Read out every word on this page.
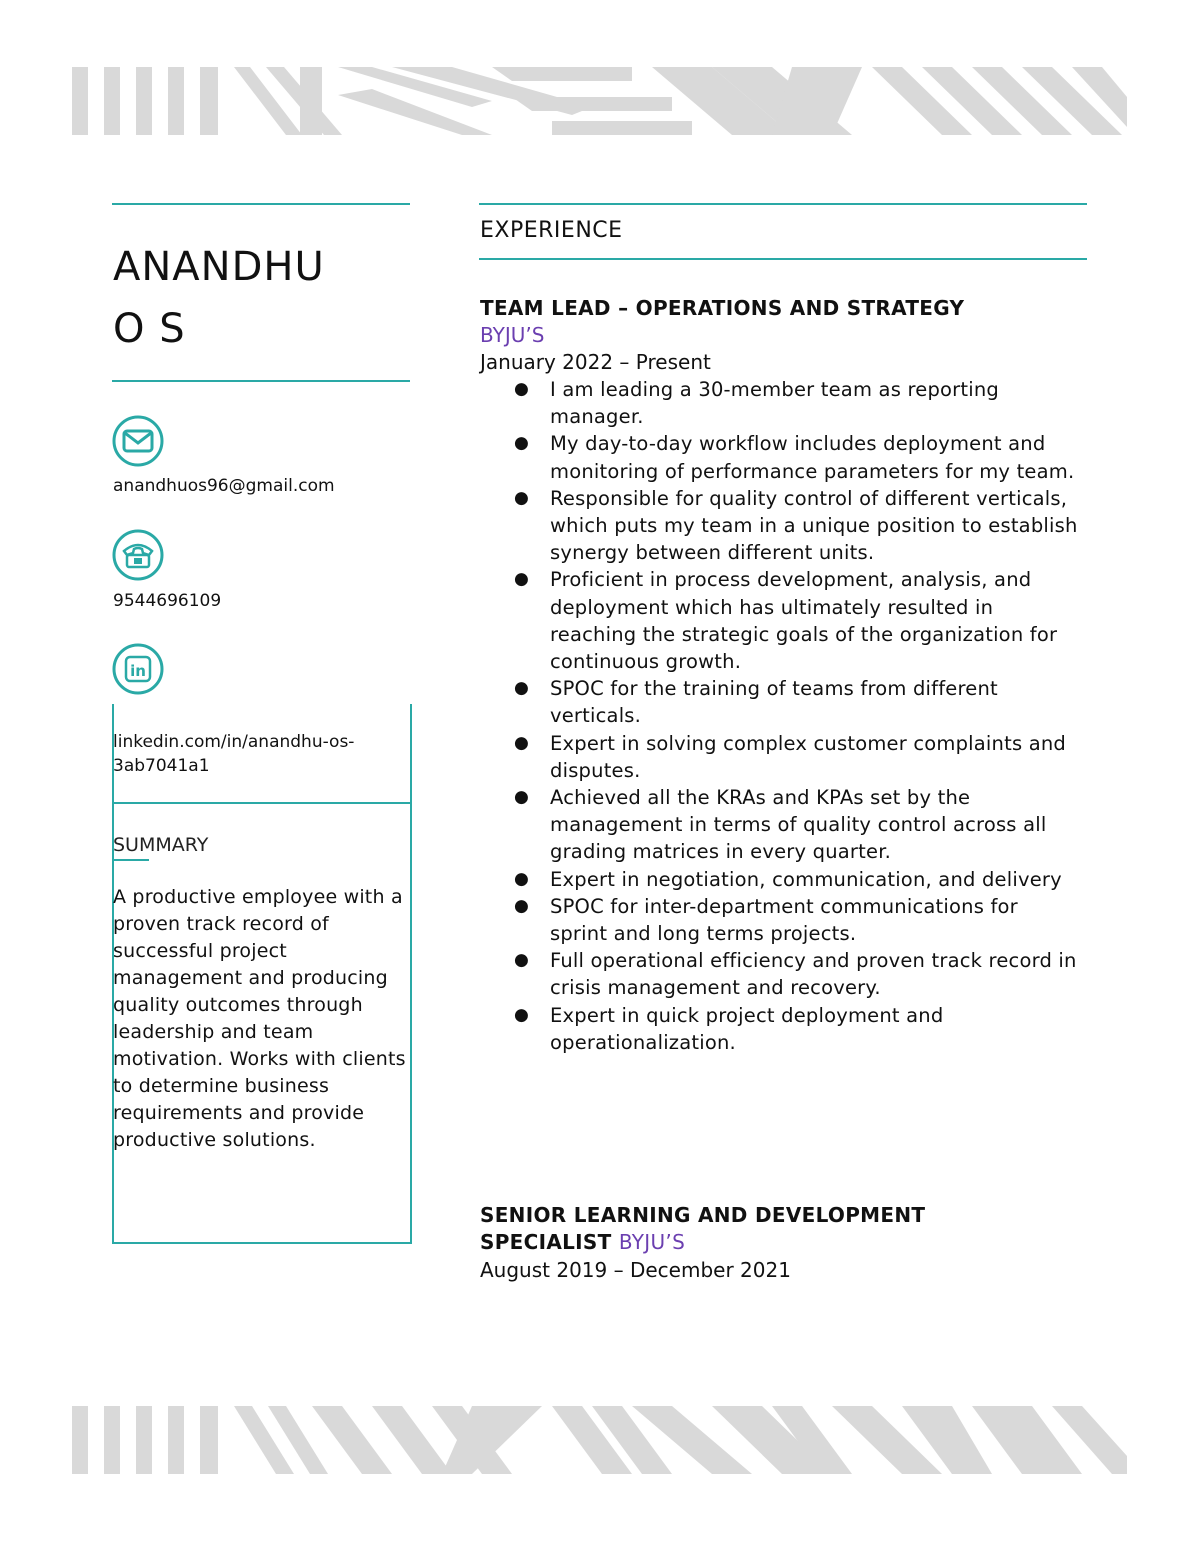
ANANDHU
O S
anandhuos96@gmail.com
9544696109
in
linkedin.com/in/anandhu-os-3ab7041a1
SUMMARY
A productive employee with a proven track record of successful project management and producing quality outcomes through leadership and team motivation. Works with clients to determine business requirements and provide productive solutions.
EXPERIENCE
TEAM LEAD – OPERATIONS AND STRATEGY
BYJU’S
January 2022 – Present
● I am leading a 30-member team as reporting manager.
● My day-to-day workflow includes deployment and monitoring of performance parameters for my team.
● Responsible for quality control of different verticals, which puts my team in a unique position to establish synergy between different units.
● Proficient in process development, analysis, and deployment which has ultimately resulted in reaching the strategic goals of the organization for continuous growth.
● SPOC for the training of teams from different verticals.
● Expert in solving complex customer complaints and disputes.
● Achieved all the KRAs and KPAs set by the management in terms of quality control across all grading matrices in every quarter.
● Expert in negotiation, communication, and delivery
● SPOC for inter-department communications for sprint and long terms projects.
● Full operational efficiency and proven track record in crisis management and recovery.
● Expert in quick project deployment and operationalization.
SENIOR LEARNING AND DEVELOPMENT SPECIALIST BYJU’S
August 2019 – December 2021
